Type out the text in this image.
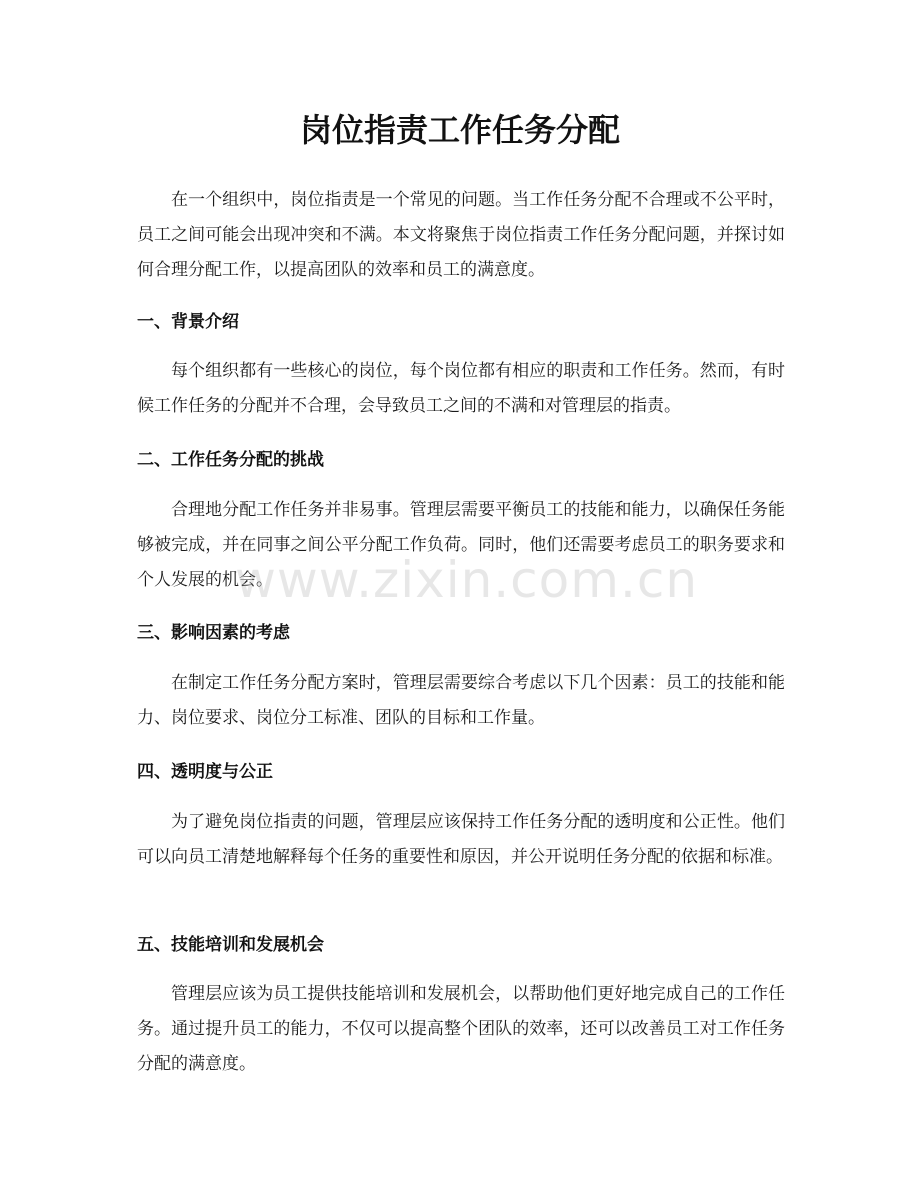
岗位指责工作任务分配

在一个组织中，岗位指责是一个常见的问题。当工作任务分配不合理或不公平时，员工之间可能会出现冲突和不满。本文将聚焦于岗位指责工作任务分配问题，并探讨如何合理分配工作，以提高团队的效率和员工的满意度。

一、背景介绍

每个组织都有一些核心的岗位，每个岗位都有相应的职责和工作任务。然而，有时候工作任务的分配并不合理，会导致员工之间的不满和对管理层的指责。

二、工作任务分配的挑战

合理地分配工作任务并非易事。管理层需要平衡员工的技能和能力，以确保任务能够被完成，并在同事之间公平分配工作负荷。同时，他们还需要考虑员工的职务要求和个人发展的机会。

三、影响因素的考虑

在制定工作任务分配方案时，管理层需要综合考虑以下几个因素：员工的技能和能力、岗位要求、岗位分工标准、团队的目标和工作量。

四、透明度与公正

为了避免岗位指责的问题，管理层应该保持工作任务分配的透明度和公正性。他们可以向员工清楚地解释每个任务的重要性和原因，并公开说明任务分配的依据和标准。

五、技能培训和发展机会

管理层应该为员工提供技能培训和发展机会，以帮助他们更好地完成自己的工作任务。通过提升员工的能力，不仅可以提高整个团队的效率，还可以改善员工对工作任务分配的满意度。

www.zixin.com.cn
